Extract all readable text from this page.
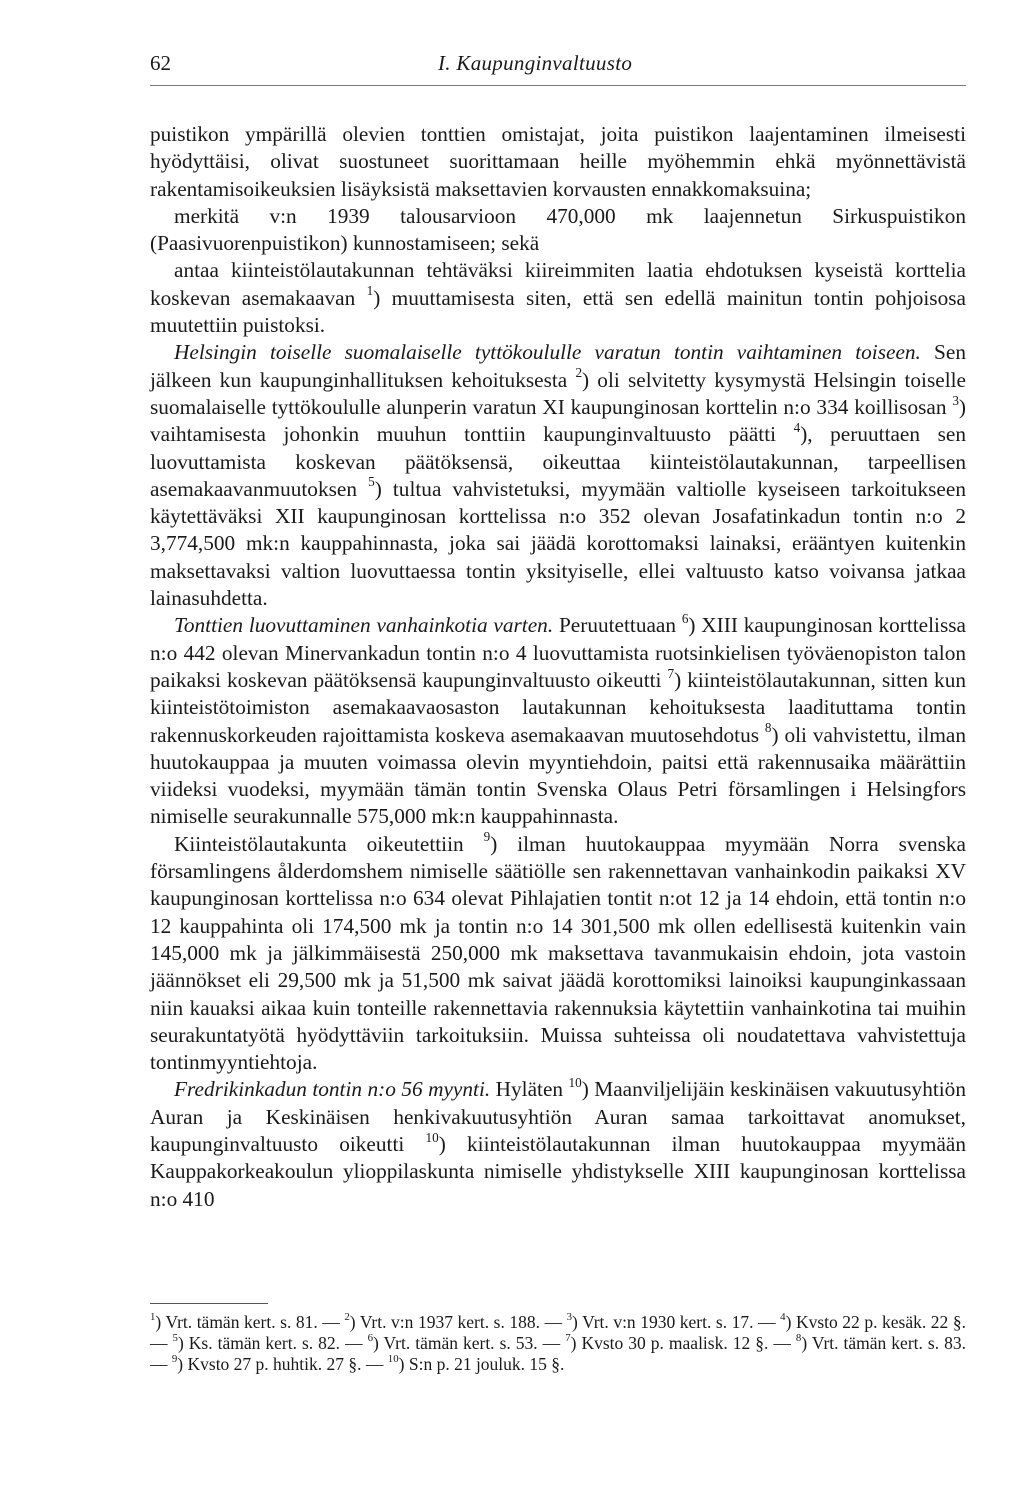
62	I. Kaupunginvaltuusto

puistikon ympärillä olevien tonttien omistajat, joita puistikon laajentaminen ilmeisesti hyödyttäisi, olivat suostuneet suorittamaan heille myöhemmin ehkä myönnettävistä rakentamisoikeuksien lisäyksistä maksettavien korvausten ennakkomaksuina;

merkitä v:n 1939 talousarvioon 470,000 mk laajennetun Sirkuspuistikon (Paasivuorenpuistikon) kunnostamiseen; sekä

antaa kiinteistölautakunnan tehtäväksi kiireimmiten laatia ehdotuksen kyseistä korttelia koskevan asemakaavan $^1$) muuttamisesta siten, että sen edellä mainitun tontin pohjoisosa muutettiin puistoksi.

Helsingin toiselle suomalaiselle tyttökoululle varatun tontin vaihtaminen toiseen. Sen jälkeen kun kaupunginhallituksen kehoituksesta $^2$) oli selvitetty kysymystä Helsingin toiselle suomalaiselle tyttökoululle alunperin varatun XI kaupunginosan korttelin n:o 334 koillisosan $^3$) vaihtamisesta johonkin muuhun tonttiin kaupunginvaltuusto päätti $^4$), peruuttaen sen luovuttamista koskevan päätöksensä, oikeuttaa kiinteistölautakunnan, tarpeellisen asemakaavanmuutoksen $^5$) tultua vahvistetuksi, myymään valtiolle kyseiseen tarkoitukseen käytettäväksi XII kaupunginosan korttelissa n:o 352 olevan Josafatinkadun tontin n:o 2 3,774,500 mk:n kauppahinnasta, joka sai jäädä korottomaksi lainaksi, erääntyen kuitenkin maksettavaksi valtion luovuttaessa tontin yksityiselle, ellei valtuusto katso voivansa jatkaa lainasuhdetta.

Tonttien luovuttaminen vanhainkotia varten. Peruutettuaan $^6$) XIII kaupunginosan korttelissa n:o 442 olevan Minervankadun tontin n:o 4 luovuttamista ruotsinkielisen työväenopiston talon paikaksi koskevan päätöksensä kaupunginvaltuusto oikeutti $^7$) kiinteistölautakunnan, sitten kun kiinteistötoimiston asemakaavaosaston lautakunnan kehoituksesta laadituttama tontin rakennuskorkeuden rajoittamista koskeva asemakaavan muutosehdotus $^8$) oli vahvistettu, ilman huutokauppaa ja muuten voimassa olevin myyntiehdoin, paitsi että rakennusaika määrättiin viideksi vuodeksi, myymään tämän tontin Svenska Olaus Petri församlingen i Helsingfors nimiselle seurakunnalle 575,000 mk:n kauppahinnasta.

Kiinteistölautakunta oikeutettiin $^9$) ilman huutokauppaa myymään Norra svenska församlingens ålderdomshem nimiselle säätiölle sen rakennettavan vanhainkodin paikaksi XV kaupunginosan korttelissa n:o 634 olevat Pihlajatien tontit n:ot 12 ja 14 ehdoin, että tontin n:o 12 kauppahinta oli 174,500 mk ja tontin n:o 14 301,500 mk ollen edellisestä kuitenkin vain 145,000 mk ja jälkimmäisestä 250,000 mk maksettava tavanmukaisin ehdoin, jota vastoin jäännökset eli 29,500 mk ja 51,500 mk saivat jäädä korottomiksi lainoiksi kaupunginkassaan niin kauaksi aikaa kuin tonteille rakennettavia rakennuksia käytettiin vanhainkotina tai muihin seurakuntatyötä hyödyttäviin tarkoituksiin. Muissa suhteissa oli noudatettava vahvistettuja tontinmyyntiehtoja.

Fredrikinkadun tontin n:o 56 myynti. Hyläten $^{10}$) Maanviljelijäin keskinäisen vakuutusyhtiön Auran ja Keskinäisen henkivakuutusyhtiön Auran samaa tarkoittavat anomukset, kaupunginvaltuusto oikeutti $^{10}$) kiinteistölautakunnan ilman huutokauppaa myymään Kauppakorkeakoulun ylioppilaskunta nimiselle yhdistykselle XIII kaupunginosan korttelissa n:o 410

$^1$) Vrt. tämän kert. s. 81. — $^2$) Vrt. v:n 1937 kert. s. 188. — $^3$) Vrt. v:n 1930 kert. s. 17. — $^4$) Kvsto 22 p. kesäk. 22 §. — $^5$) Ks. tämän kert. s. 82. — $^6$) Vrt. tämän kert. s. 53. — $^7$) Kvsto 30 p. maalisk. 12 §. — $^8$) Vrt. tämän kert. s. 83. — $^9$) Kvsto 27 p. huhtik. 27 §. — $^{10}$) S:n p. 21 jouluk. 15 §.
